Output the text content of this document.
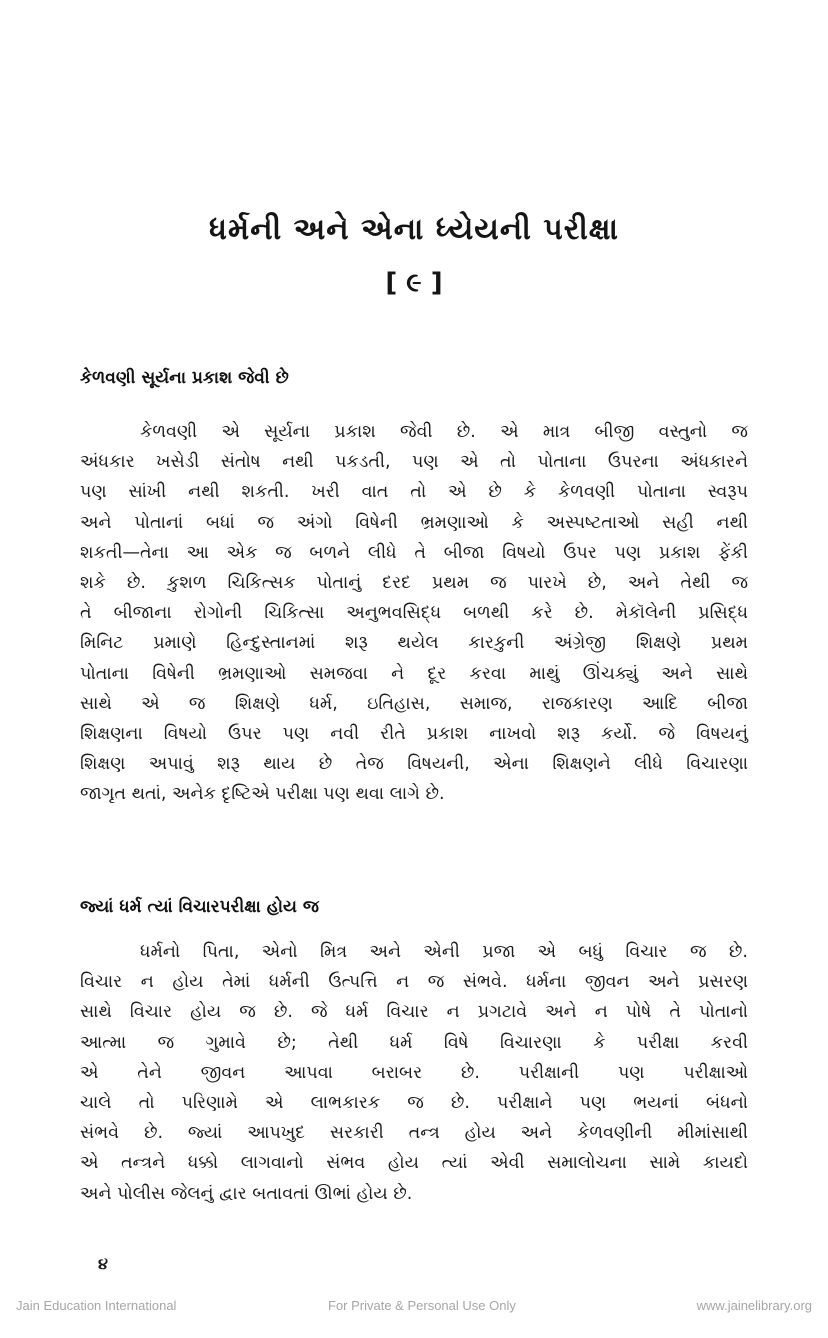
ધર્મની અને એના ધ્યેયની પરીક્ષા
[ ૯ ]
કેળવણી સૂર્યના પ્રકાશ જેવી છે
કેળવણી એ સૂર્યના પ્રકાશ જેવી છે. એ માત્ર બીજી વસ્તુનો જ
અંધકાર ખસેડી સંતોષ નથી પકડતી, પણ એ તો પોતાના ઉપરના અંધકારને
પણ સાંખી નથી શકતી. ખરી વાત તો એ છે કે કેળવણી પોતાના સ્વરૂપ
અને પોતાનાં બધાં જ અંગો વિષેની ભ્રમણાઓ કે અસ્પષ્ટતાઓ સહી નથી
શકતી—તેના આ એક જ બળને લીધે તે બીજા વિષયો ઉપર પણ પ્રકાશ ફેંકી
શકે છે. કુશળ ચિકિત્સક પોતાનું દરદ પ્રથમ જ પારખે છે, અને તેથી જ
તે બીજાના રોગોની ચિકિત્સા અનુભવસિદ્ધ બળથી કરે છે. મેકૉલેની પ્રસિદ્ધ
મિનિટ પ્રમાણે હિન્દુસ્તાનમાં શરૂ થયેલ કારકુની અંગ્રેજી શિક્ષણે પ્રથમ
પોતાના વિષેની ભ્રમણાઓ સમજવા ને દૂર કરવા માથું ઊંચક્યું અને સાથે
સાથે એ જ શિક્ષણે ધર્મ, ઇતિહાસ, સમાજ, રાજકારણ આદિ બીજા
શિક્ષણના વિષયો ઉપર પણ નવી રીતે પ્રકાશ નાખવો શરૂ કર્યો. જે વિષયનું
શિક્ષણ અપાવું શરૂ થાય છે તેજ વિષયની, એના શિક્ષણને લીધે વિચારણા
જાગૃત થતાં, અનેક દૃષ્ટિએ પરીક્ષા પણ થવા લાગે છે.
જ્યાં ધર્મ ત્યાં વિચારપરીક્ષા હોય જ
ધર્મનો પિતા, એનો મિત્ર અને એની પ્રજા એ બધું વિચાર જ છે.
વિચાર ન હોય તેમાં ધર્મની ઉત્પત્તિ ન જ સંભવે. ધર્મના જીવન અને પ્રસરણ
સાથે વિચાર હોય જ છે. જે ધર્મ વિચાર ન પ્રગટાવે અને ન પોષે તે પોતાનો
આત્મા જ ગુમાવે છે; તેથી ધર્મ વિષે વિચારણા કે પરીક્ષા કરવી
એ તેને જીવન આપવા બરાબર છે. પરીક્ષાની પણ પરીક્ષાઓ
ચાલે તો પરિણામે એ લાભકારક જ છે. પરીક્ષાને પણ ભયનાં બંધનો
સંભવે છે. જ્યાં આપખુદ સરકારી તન્ત્ર હોય અને કેળવણીની મીમાંસાથી
એ તન્ત્રને ધક્કો લાગવાનો સંભવ હોય ત્યાં એવી સમાલોચના સામે કાયદો
અને પોલીસ જેલનું દ્વાર બતાવતાં ઊભાં હોય છે.
૪
Jain Education International	For Private & Personal Use Only	www.jainelibrary.org
